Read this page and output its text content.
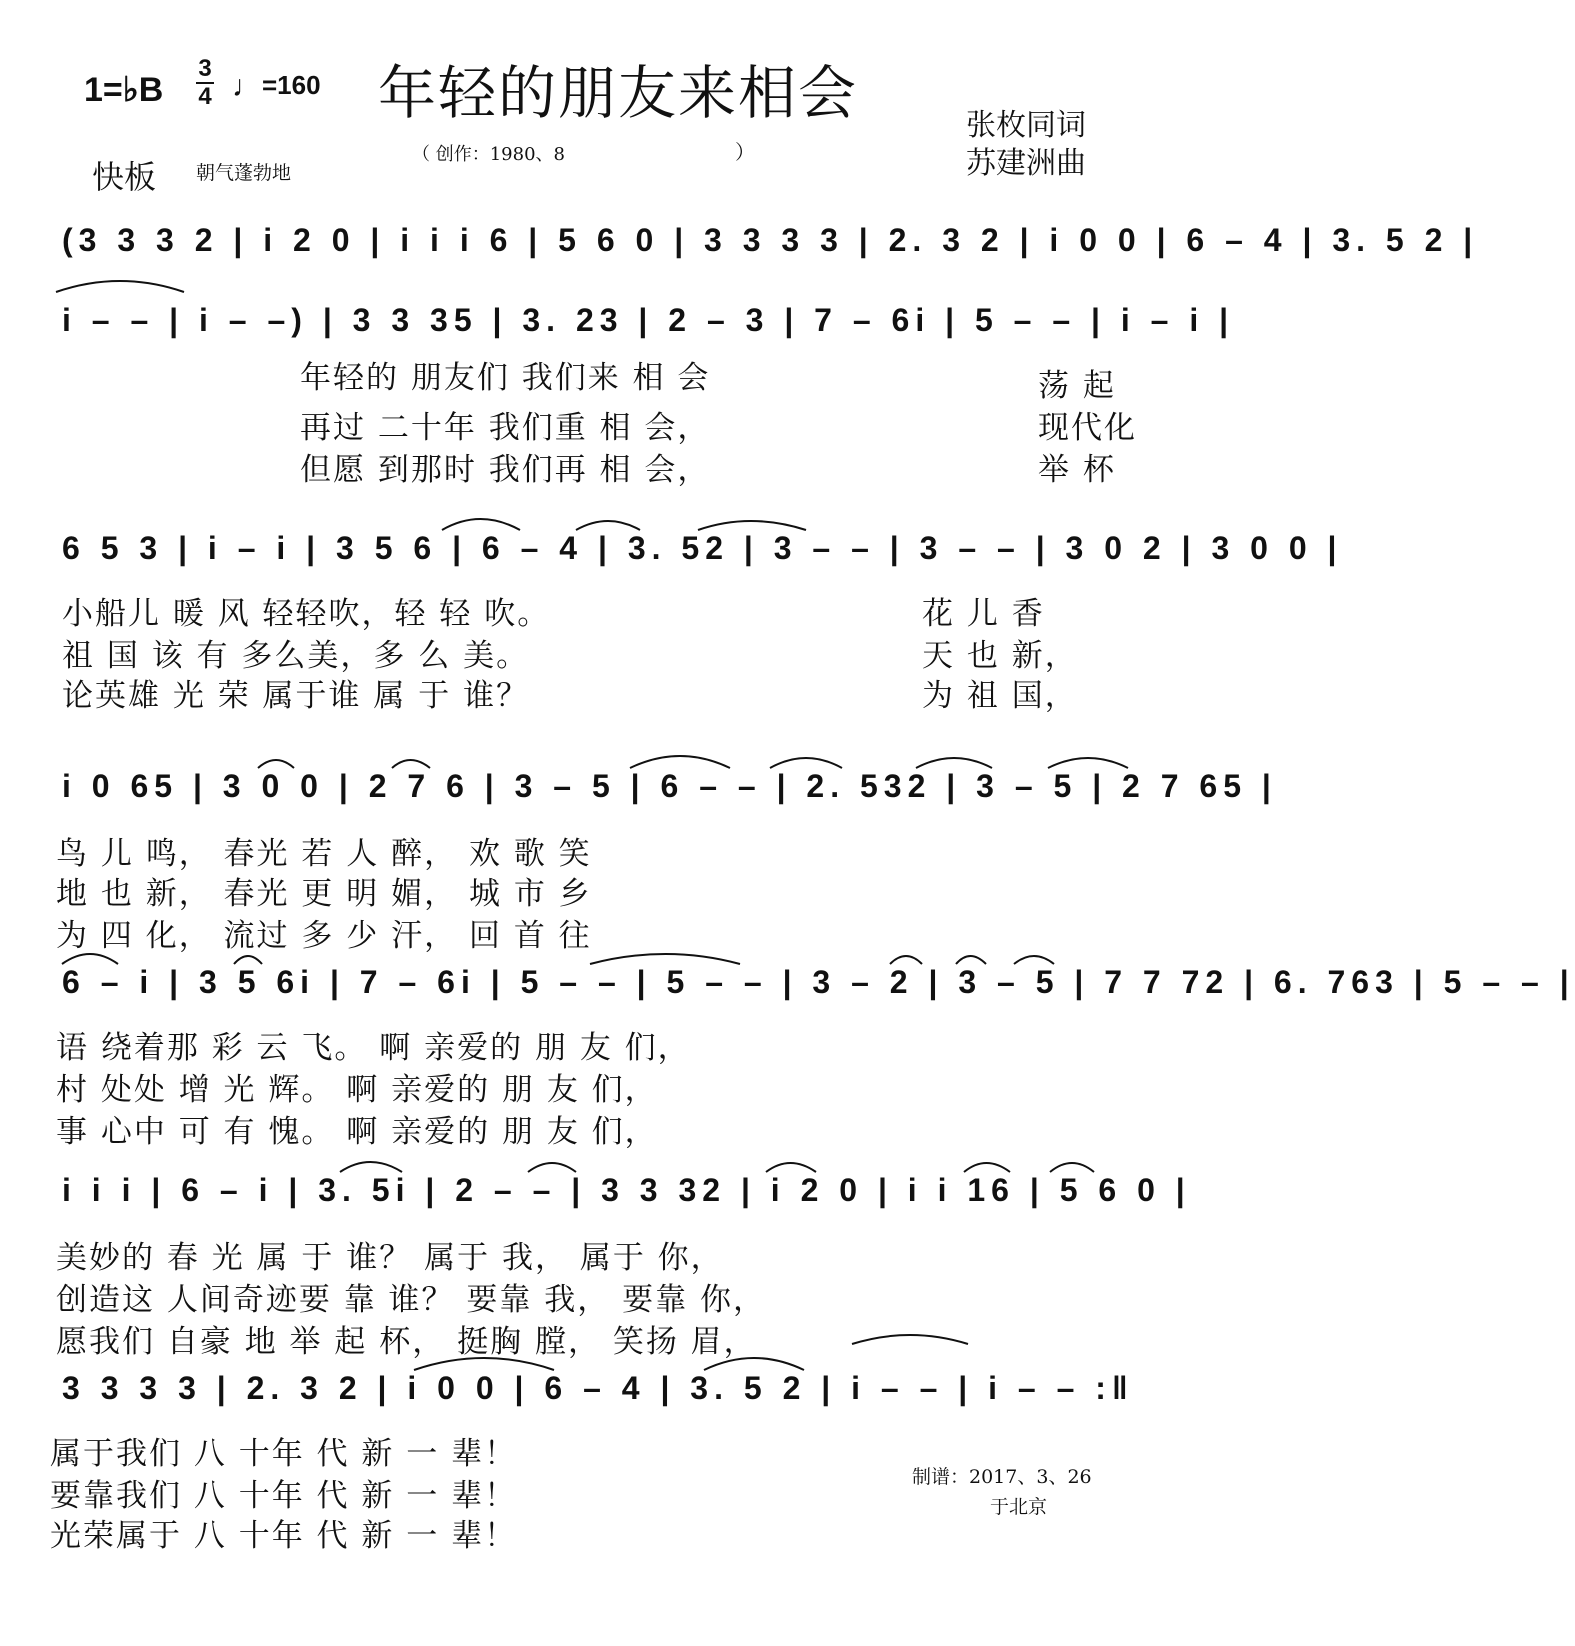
1=♭B
3
4 ♩=160 年轻的朋友来相会
（ 创作：1980、8	）
快板 朝气蓬勃地
张枚同词
苏建洲曲
(3 3 3 2 | i 2 0 | i i i 6 | 5 6 0 | 3 3 3 3 | 2. 3 2 | i 0 0 | 6 – 4 | 3. 5 2 |
i – – | i – –) | 3 3 35 | 3. 23 | 2 – 3 | 7 – 6i | 5 – – | i – i |
年轻的 朋友们 我们来 相 会
再过 二十年 我们重 相 会，
但愿 到那时 我们再 相 会，
荡 起
现代化
举 杯
6 5 3 | i – i | 3 5 6 | 6 – 4 | 3. 52 | 3 – – | 3 – – | 3 0 2 | 3 0 0 |
小船儿 暖 风 轻轻吹，轻 轻 吹。
祖 国 该 有 多么美，多 么 美。
论英雄 光 荣 属于谁 属 于 谁？
花 儿 香
天 也 新，
为 祖 国，
i 0 65 | 3 0 0 | 2 7 6 | 3 – 5 | 6 – – | 2. 532 | 3 – 5 | 2 7 65 |
鸟 儿 鸣， 春光 若 人 醉， 欢 歌 笑
地 也 新， 春光 更 明 媚， 城 市 乡
为 四 化， 流过 多 少 汗， 回 首 往
6 – i | 3 5 6i | 7 – 6i | 5 – – | 5 – – | 3 – 2 | 3 – 5 | 7 7 72 | 6. 763 | 5 – – |
语 绕着那 彩 云 飞。 啊 亲爱的 朋 友 们，
村 处处 增 光 辉。 啊 亲爱的 朋 友 们，
事 心中 可 有 愧。 啊 亲爱的 朋 友 们，
i i i | 6 – i | 3. 5i | 2 – – | 3 3 32 | i 2 0 | i i 16 | 5 6 0 |
美妙的 春 光 属 于 谁？ 属于 我， 属于 你，
创造这 人间奇迹要 靠 谁？ 要靠 我， 要靠 你，
愿我们 自豪 地 举 起 杯， 挺胸 膛， 笑扬 眉，
3 3 3 3 | 2. 3 2 | i 0 0 | 6 – 4 | 3. 5 2 | i – – | i – – :‖
属于我们 八 十年 代 新 一 辈！
要靠我们 八 十年 代 新 一 辈！
光荣属于 八 十年 代 新 一 辈！
制谱：2017、3、26
于北京
